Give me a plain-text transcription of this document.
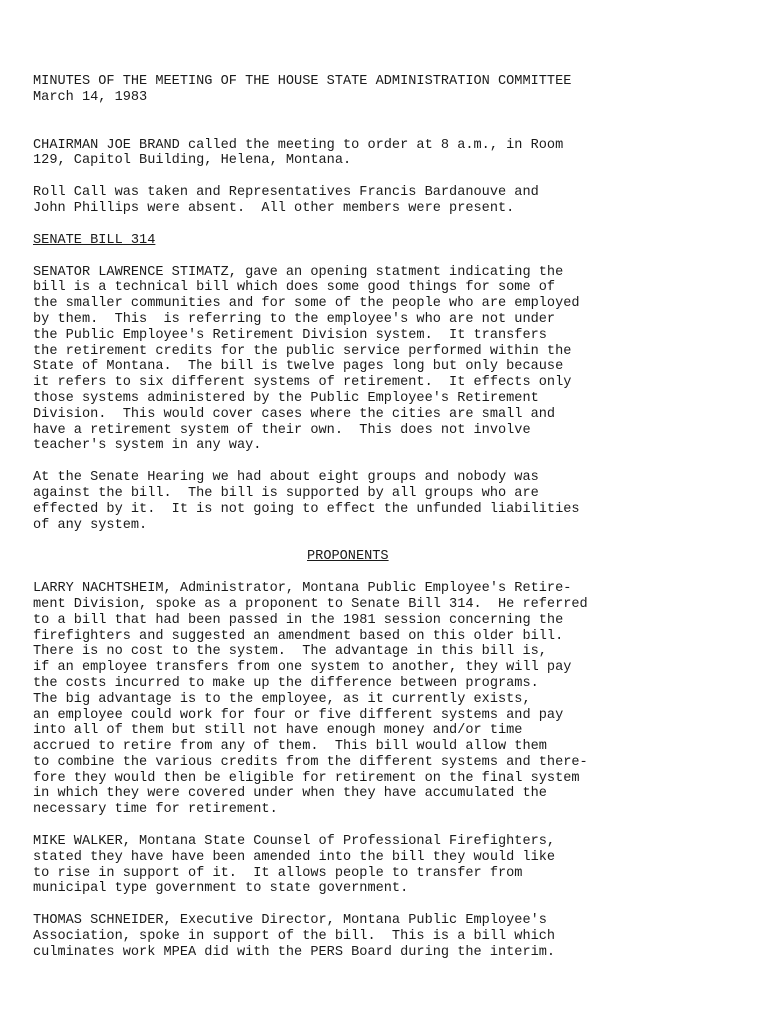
MINUTES OF THE MEETING OF THE HOUSE STATE ADMINISTRATION COMMITTEE
March 14, 1983
CHAIRMAN JOE BRAND called the meeting to order at 8 a.m., in Room
129, Capitol Building, Helena, Montana.
Roll Call was taken and Representatives Francis Bardanouve and
John Phillips were absent.  All other members were present.
SENATE BILL 314
SENATOR LAWRENCE STIMATZ, gave an opening statment indicating the
bill is a technical bill which does some good things for some of
the smaller communities and for some of the people who are employed
by them.  This  is referring to the employee's who are not under
the Public Employee's Retirement Division system.  It transfers
the retirement credits for the public service performed within the
State of Montana.  The bill is twelve pages long but only because
it refers to six different systems of retirement.  It effects only
those systems administered by the Public Employee's Retirement
Division.  This would cover cases where the cities are small and
have a retirement system of their own.  This does not involve
teacher's system in any way.
At the Senate Hearing we had about eight groups and nobody was
against the bill.  The bill is supported by all groups who are
effected by it.  It is not going to effect the unfunded liabilities
of any system.
PROPONENTS
LARRY NACHTSHEIM, Administrator, Montana Public Employee's Retire-
ment Division, spoke as a proponent to Senate Bill 314.  He referred
to a bill that had been passed in the 1981 session concerning the
firefighters and suggested an amendment based on this older bill.
There is no cost to the system.  The advantage in this bill is,
if an employee transfers from one system to another, they will pay
the costs incurred to make up the difference between programs.
The big advantage is to the employee, as it currently exists,
an employee could work for four or five different systems and pay
into all of them but still not have enough money and/or time
accrued to retire from any of them.  This bill would allow them
to combine the various credits from the different systems and there-
fore they would then be eligible for retirement on the final system
in which they were covered under when they have accumulated the
necessary time for retirement.
MIKE WALKER, Montana State Counsel of Professional Firefighters,
stated they have have been amended into the bill they would like
to rise in support of it.  It allows people to transfer from
municipal type government to state government.
THOMAS SCHNEIDER, Executive Director, Montana Public Employee's
Association, spoke in support of the bill.  This is a bill which
culminates work MPEA did with the PERS Board during the interim.
